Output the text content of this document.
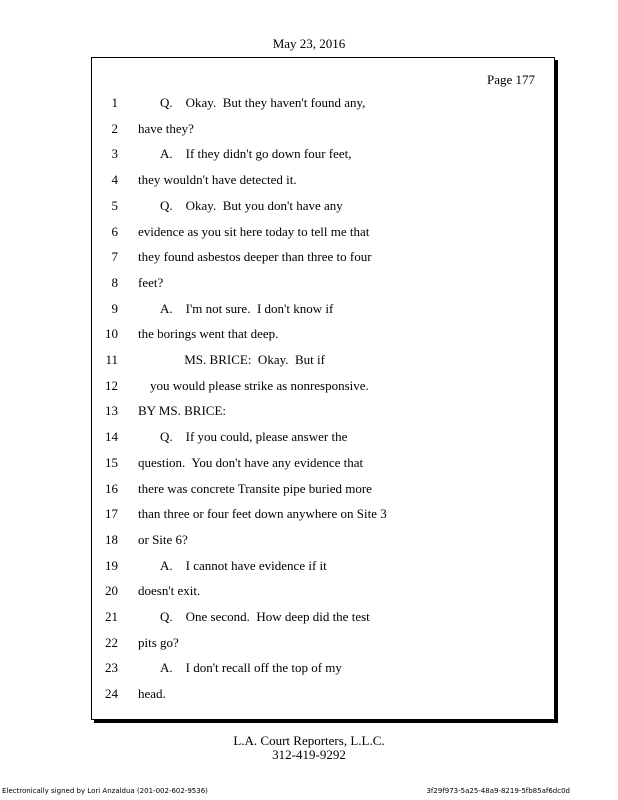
May 23, 2016
Page 177
1	Q.    Okay.  But they haven't found any,
2 have they?
3	A.    If they didn't go down four feet,
4 they wouldn't have detected it.
5	Q.    Okay.  But you don't have any
6 evidence as you sit here today to tell me that
7 they found asbestos deeper than three to four
8 feet?
9	A.    I'm not sure.  I don't know if
10 the borings went that deep.
11	MS. BRICE:  Okay.  But if
12 you would please strike as nonresponsive.
13 BY MS. BRICE:
14	Q.    If you could, please answer the
15 question.  You don't have any evidence that
16 there was concrete Transite pipe buried more
17 than three or four feet down anywhere on Site 3
18 or Site 6?
19	A.    I cannot have evidence if it
20 doesn't exit.
21	Q.    One second.  How deep did the test
22 pits go?
23	A.    I don't recall off the top of my
24 head.
L.A. Court Reporters, L.L.C.
312-419-9292
Electronically signed by Lori Anzaldua (201-002-602-9536)	3f29f973-5a25-48a9-8219-5fb85af6dc0d
